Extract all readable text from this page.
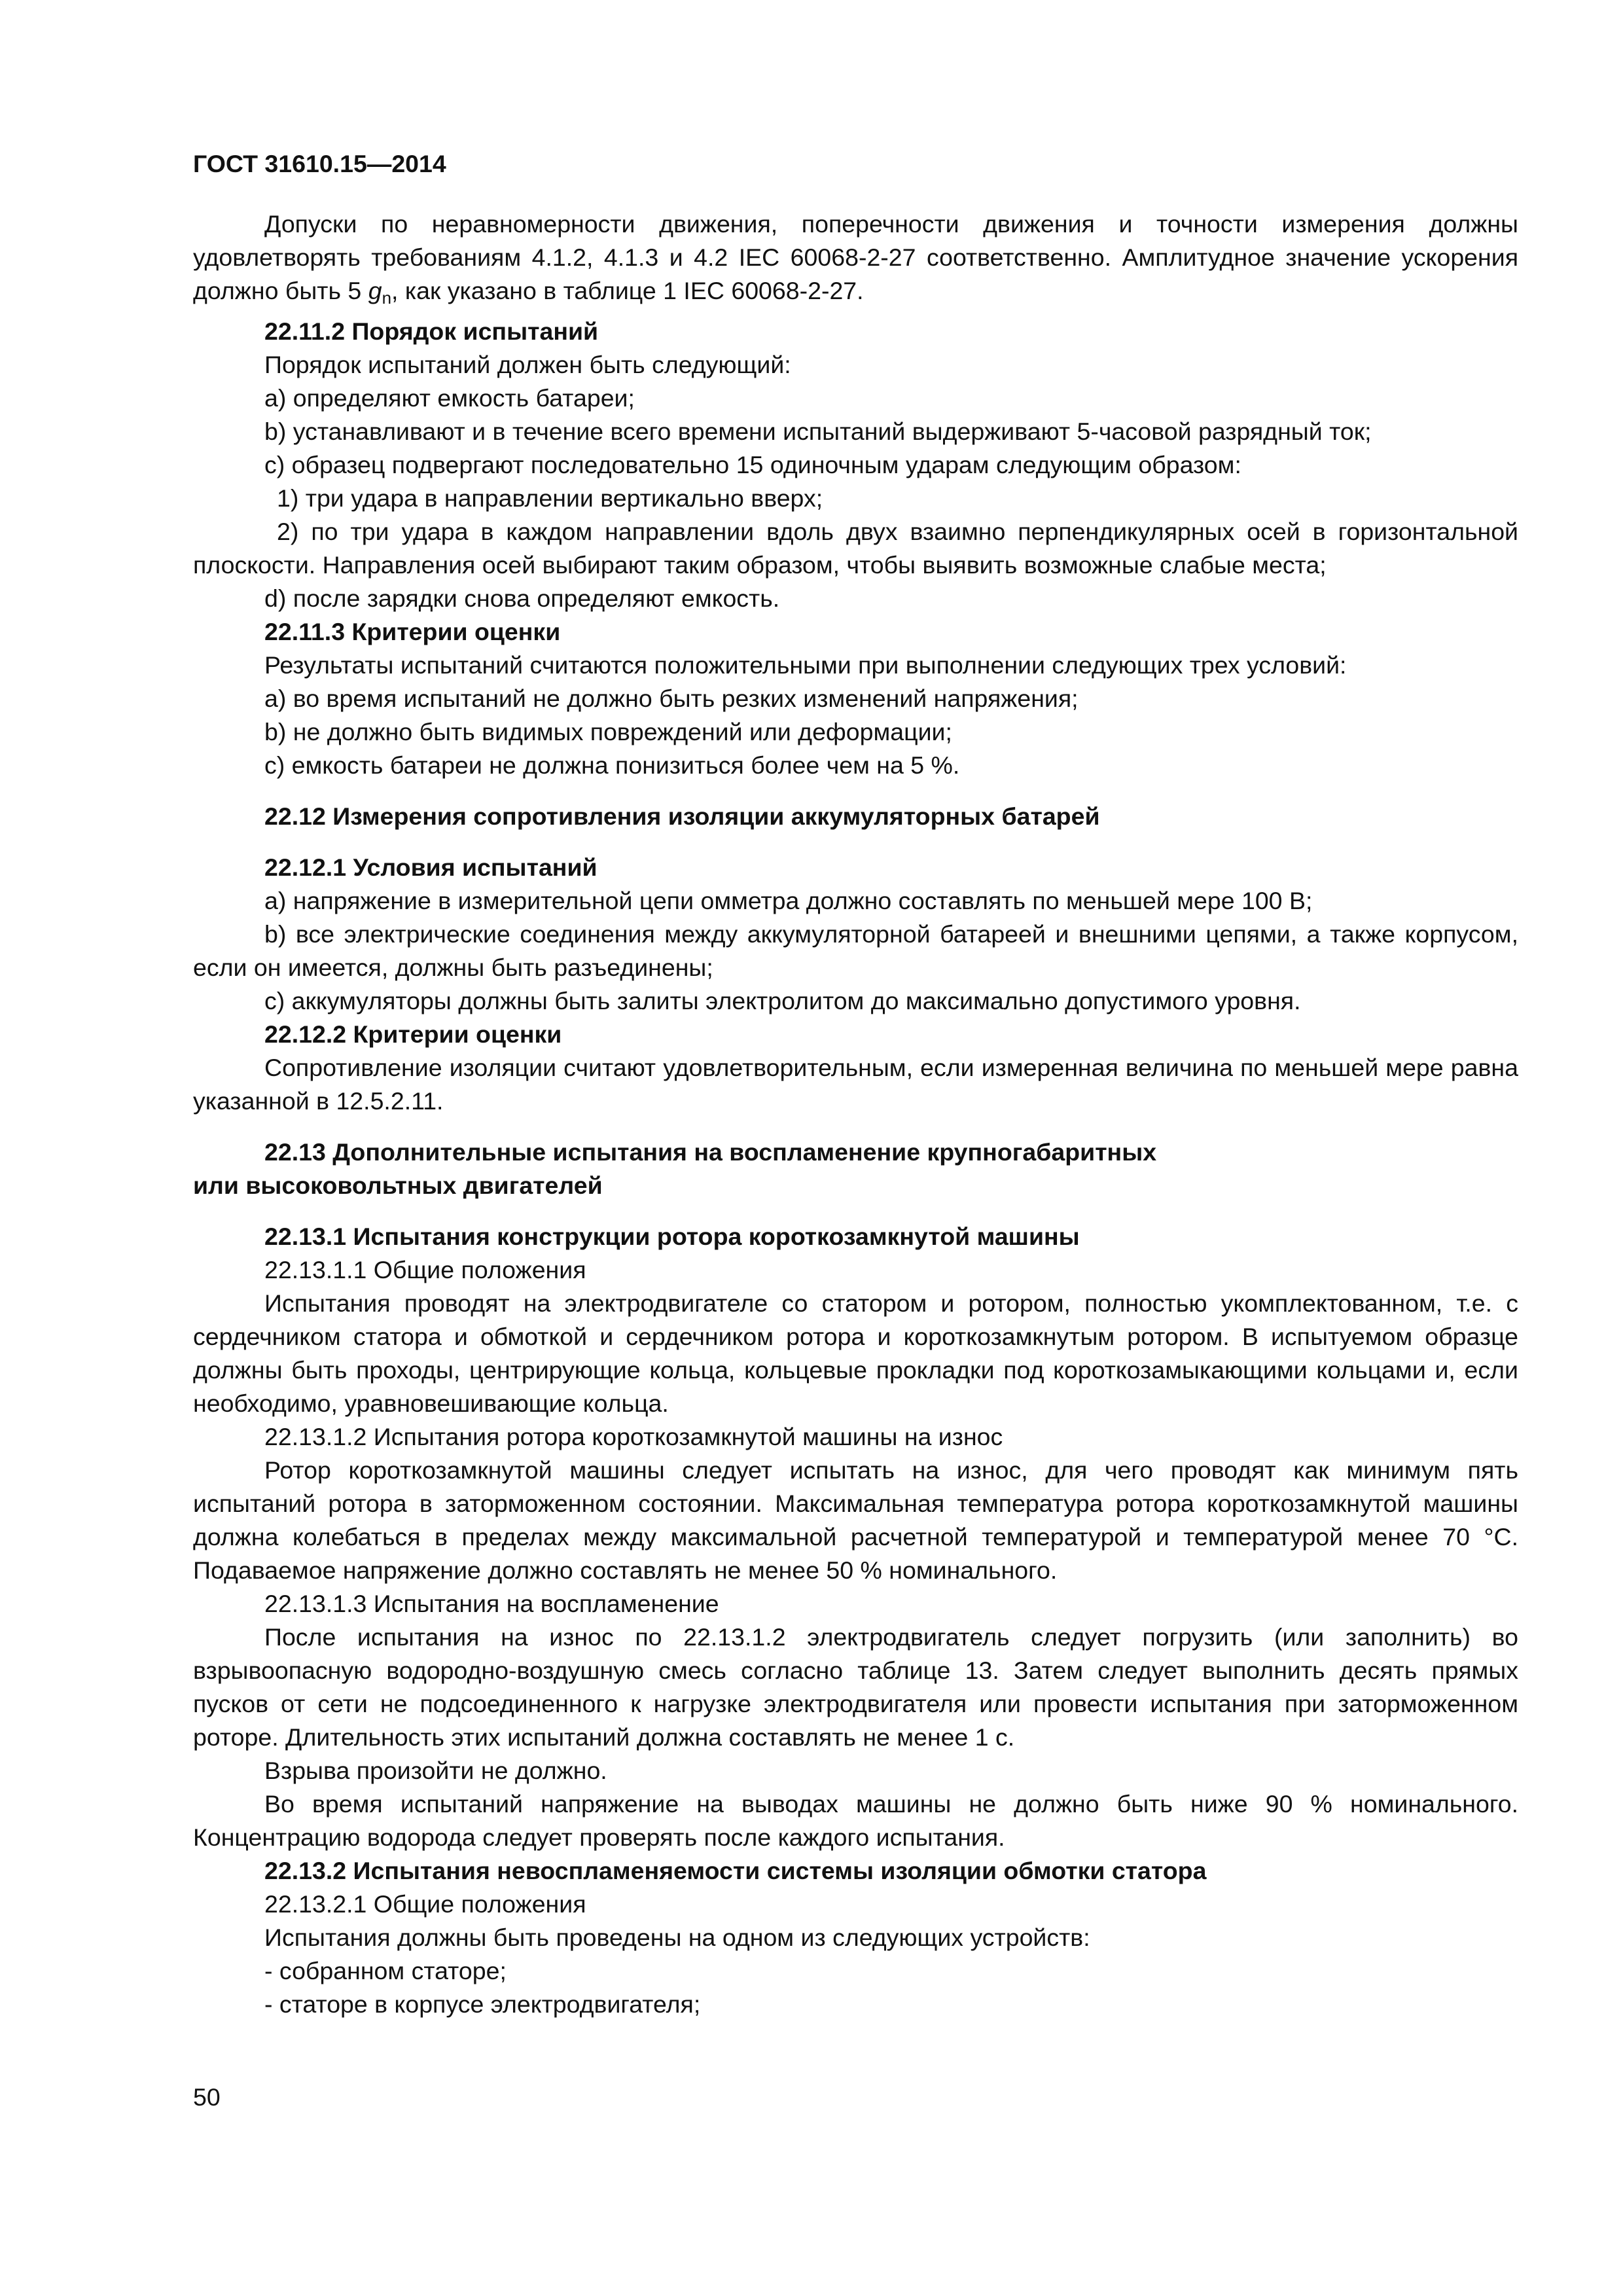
ГОСТ 31610.15—2014

Допуски по неравномерности движения, поперечности движения и точности измерения должны удовлетворять требованиям 4.1.2, 4.1.3 и 4.2 IEC 60068-2-27 соответственно. Амплитудное значение ускорения должно быть 5 gn, как указано в таблице 1 IEC 60068-2-27.

22.11.2 Порядок испытаний

Порядок испытаний должен быть следующий:

а) определяют емкость батареи;

b) устанавливают и в течение всего времени испытаний выдерживают 5-часовой разрядный ток;

с) образец подвергают последовательно 15 одиночным ударам следующим образом:

1) три удара в направлении вертикально вверх;

2) по три удара в каждом направлении вдоль двух взаимно перпендикулярных осей в горизонтальной плоскости. Направления осей выбирают таким образом, чтобы выявить возможные слабые места;

d) после зарядки снова определяют емкость.

22.11.3 Критерии оценки

Результаты испытаний считаются положительными при выполнении следующих трех условий:

а) во время испытаний не должно быть резких изменений напряжения;

b) не должно быть видимых повреждений или деформации;

с) емкость батареи не должна понизиться более чем на 5 %.

22.12 Измерения сопротивления изоляции аккумуляторных батарей

22.12.1 Условия испытаний

а) напряжение в измерительной цепи омметра должно составлять по меньшей мере 100 В;

b) все электрические соединения между аккумуляторной батареей и внешними цепями, а также корпусом, если он имеется, должны быть разъединены;

с) аккумуляторы должны быть залиты электролитом до максимально допустимого уровня.

22.12.2 Критерии оценки

Сопротивление изоляции считают удовлетворительным, если измеренная величина по меньшей мере равна указанной в 12.5.2.11.

22.13 Дополнительные испытания на воспламенение крупногабаритных
или высоковольтных двигателей

22.13.1 Испытания конструкции ротора короткозамкнутой машины

22.13.1.1 Общие положения

Испытания проводят на электродвигателе со статором и ротором, полностью укомплектованном, т.е. с сердечником статора и обмоткой и сердечником ротора и короткозамкнутым ротором. В испытуемом образце должны быть проходы, центрирующие кольца, кольцевые прокладки под короткозамыкающими кольцами и, если необходимо, уравновешивающие кольца.

22.13.1.2 Испытания ротора короткозамкнутой машины на износ

Ротор короткозамкнутой машины следует испытать на износ, для чего проводят как минимум пять испытаний ротора в заторможенном состоянии. Максимальная температура ротора короткозамкнутой машины должна колебаться в пределах между максимальной расчетной температурой и температурой менее 70 °С. Подаваемое напряжение должно составлять не менее 50 % номинального.

22.13.1.3 Испытания на воспламенение

После испытания на износ по 22.13.1.2 электродвигатель следует погрузить (или заполнить) во взрывоопасную водородно-воздушную смесь согласно таблице 13. Затем следует выполнить десять прямых пусков от сети не подсоединенного к нагрузке электродвигателя или провести испытания при заторможенном роторе. Длительность этих испытаний должна составлять не менее 1 с.

Взрыва произойти не должно.

Во время испытаний напряжение на выводах машины не должно быть ниже 90 % номинального. Концентрацию водорода следует проверять после каждого испытания.

22.13.2 Испытания невоспламеняемости системы изоляции обмотки статора

22.13.2.1 Общие положения

Испытания должны быть проведены на одном из следующих устройств:

- собранном статоре;

- статоре в корпусе электродвигателя;

50
